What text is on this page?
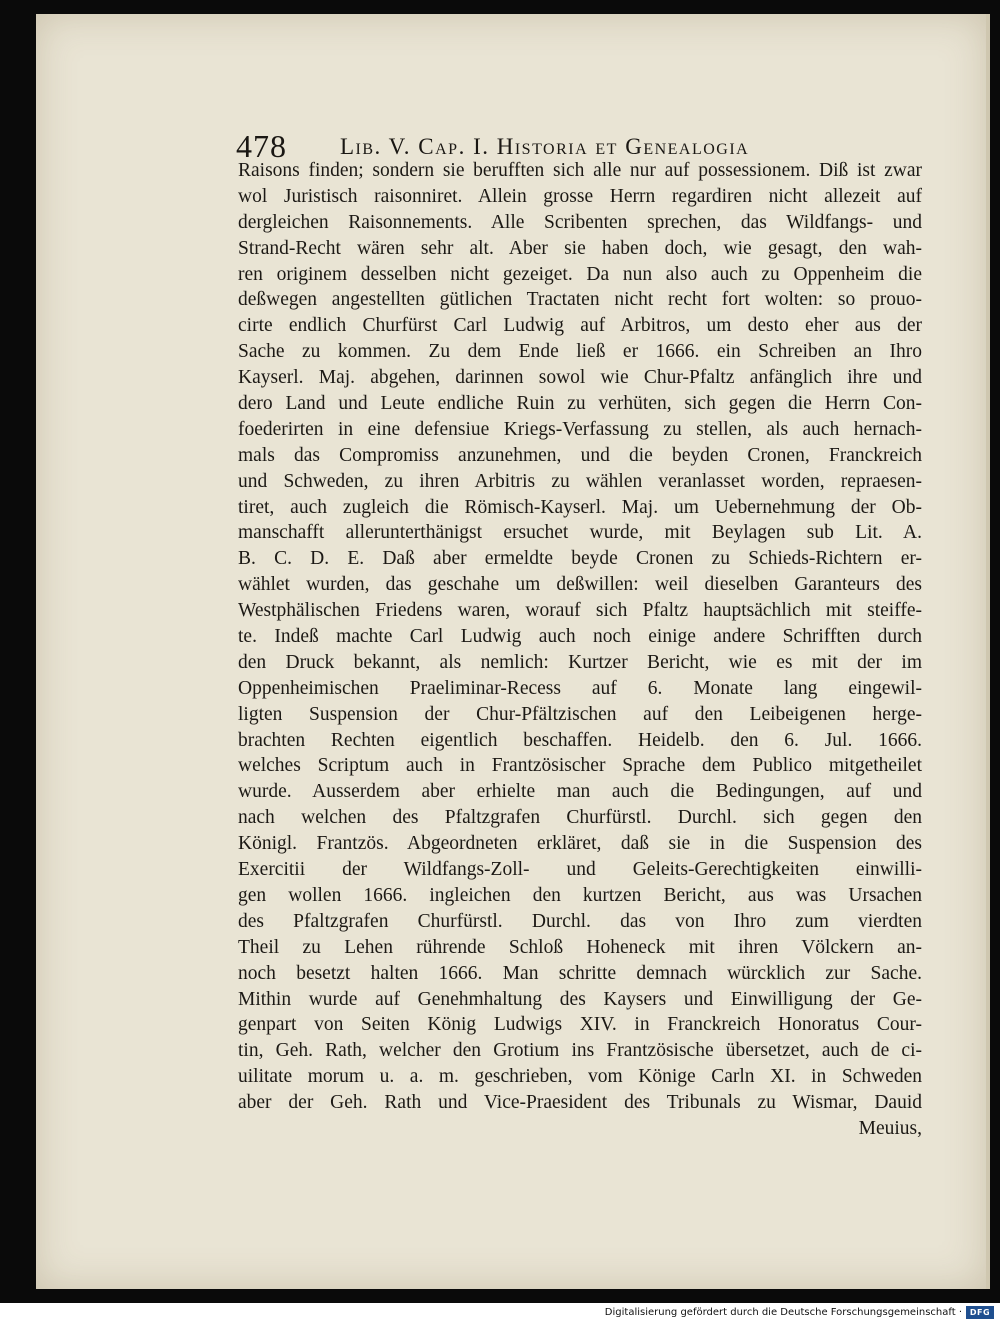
478 Lib. V. Cap. I. Historia et Genealogia
Raisons finden; sondern sie berufften sich alle nur auf possessionem. Diß ist zwar
wol Juristisch raisonniret. Allein grosse Herrn regardiren nicht allezeit auf
dergleichen Raisonnements. Alle Scribenten sprechen, das Wildfangs- und
Strand-Recht wären sehr alt. Aber sie haben doch, wie gesagt, den wah-
ren originem desselben nicht gezeiget. Da nun also auch zu Oppenheim die
deßwegen angestellten gütlichen Tractaten nicht recht fort wolten: so prouo-
cirte endlich Churfürst Carl Ludwig auf Arbitros, um desto eher aus der
Sache zu kommen. Zu dem Ende ließ er 1666. ein Schreiben an Ihro
Kayserl. Maj. abgehen, darinnen sowol wie Chur-Pfaltz anfänglich ihre und
dero Land und Leute endliche Ruin zu verhüten, sich gegen die Herrn Con-
foederirten in eine defensiue Kriegs-Verfassung zu stellen, als auch hernach-
mals das Compromiss anzunehmen, und die beyden Cronen, Franckreich
und Schweden, zu ihren Arbitris zu wählen veranlasset worden, repraesen-
tiret, auch zugleich die Römisch-Kayserl. Maj. um Uebernehmung der Ob-
manschafft allerunterthänigst ersuchet wurde, mit Beylagen sub Lit. A.
B. C. D. E. Daß aber ermeldte beyde Cronen zu Schieds-Richtern er-
wählet wurden, das geschahe um deßwillen: weil dieselben Garanteurs des
Westphälischen Friedens waren, worauf sich Pfaltz hauptsächlich mit steiffe-
te. Indeß machte Carl Ludwig auch noch einige andere Schrifften durch
den Druck bekannt, als nemlich: Kurtzer Bericht, wie es mit der im
Oppenheimischen Praeliminar-Recess auf 6. Monate lang eingewil-
ligten Suspension der Chur-Pfältzischen auf den Leibeigenen herge-
brachten Rechten eigentlich beschaffen. Heidelb. den 6. Jul. 1666.
welches Scriptum auch in Frantzösischer Sprache dem Publico mitgetheilet
wurde. Ausserdem aber erhielte man auch die Bedingungen, auf und
nach welchen des Pfaltzgrafen Churfürstl. Durchl. sich gegen den
Königl. Frantzös. Abgeordneten erkläret, daß sie in die Suspension des
Exercitii der Wildfangs-Zoll- und Geleits-Gerechtigkeiten einwilli-
gen wollen 1666. ingleichen den kurtzen Bericht, aus was Ursachen
des Pfaltzgrafen Churfürstl. Durchl. das von Ihro zum vierdten
Theil zu Lehen rührende Schloß Hoheneck mit ihren Völckern an-
noch besetzt halten 1666. Man schritte demnach würcklich zur Sache.
Mithin wurde auf Genehmhaltung des Kaysers und Einwilligung der Ge-
genpart von Seiten König Ludwigs XIV. in Franckreich Honoratus Cour-
tin, Geh. Rath, welcher den Grotium ins Frantzösische übersetzet, auch de ci-
uilitate morum u. a. m. geschrieben, vom Könige Carln XI. in Schweden
aber der Geh. Rath und Vice-Praesident des Tribunals zu Wismar, Dauid
Meuius,
Digitalisierung gefördert durch die Deutsche Forschungsgemeinschaft · DFG
